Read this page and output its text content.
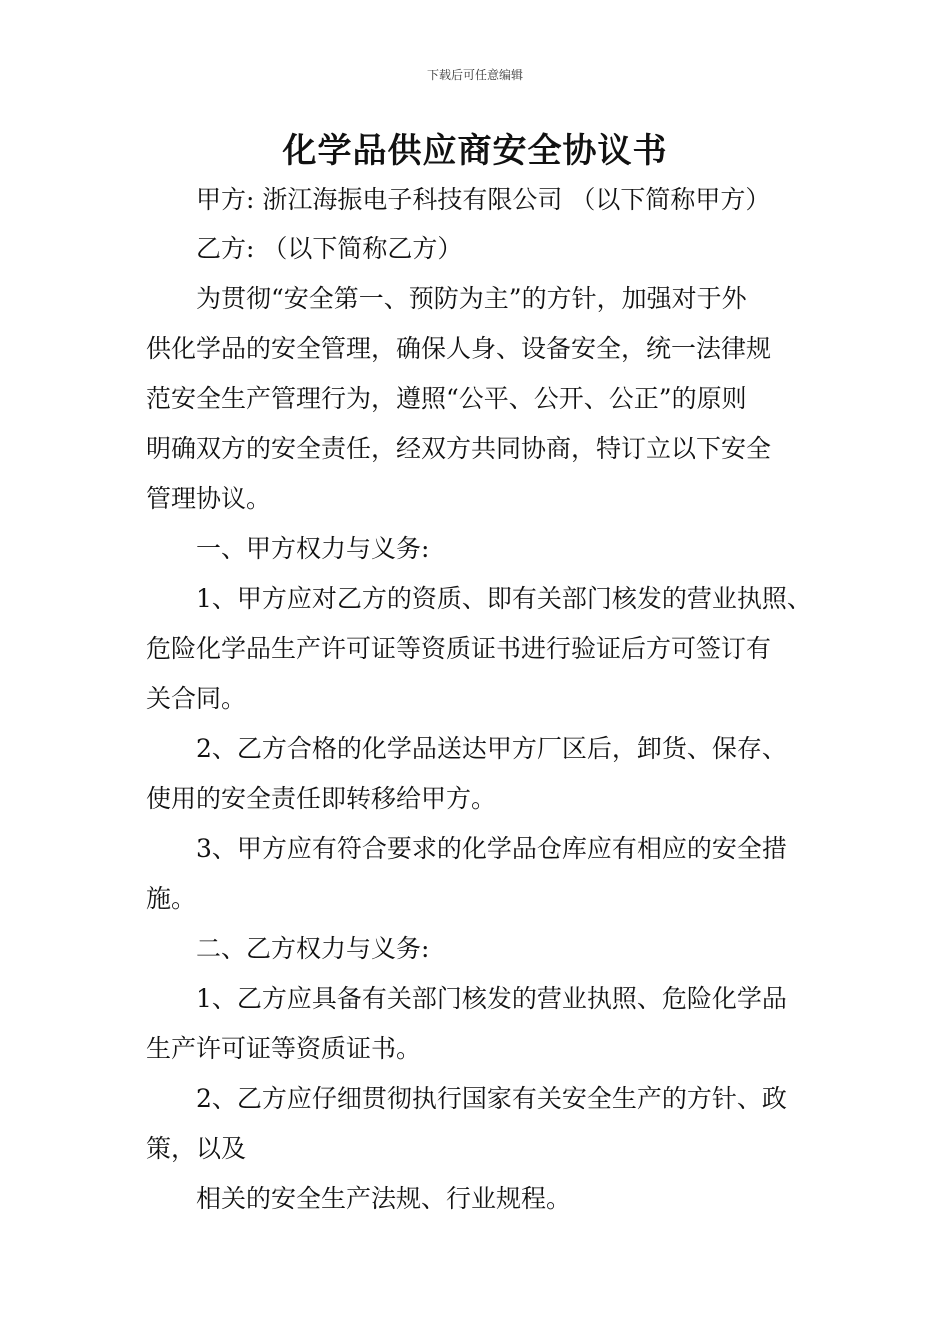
下载后可任意编辑
化学品供应商安全协议书
甲方: 浙江海振电子科技有限公司 （以下简称甲方）
乙方: （以下简称乙方）
为贯彻“安全第一、预防为主”的方针，加强对于外
供化学品的安全管理，确保人身、设备安全，统一法律规
范安全生产管理行为，遵照“公平、公开、公正”的原则
明确双方的安全责任，经双方共同协商，特订立以下安全
管理协议。
一、甲方权力与义务:
1、甲方应对乙方的资质、即有关部门核发的营业执照、
危险化学品生产许可证等资质证书进行验证后方可签订有
关合同。
2、乙方合格的化学品送达甲方厂区后，卸货、保存、
使用的安全责任即转移给甲方。
3、甲方应有符合要求的化学品仓库应有相应的安全措
施。
二、乙方权力与义务:
1、乙方应具备有关部门核发的营业执照、危险化学品
生产许可证等资质证书。
2、乙方应仔细贯彻执行国家有关安全生产的方针、政
策，以及
相关的安全生产法规、行业规程。
